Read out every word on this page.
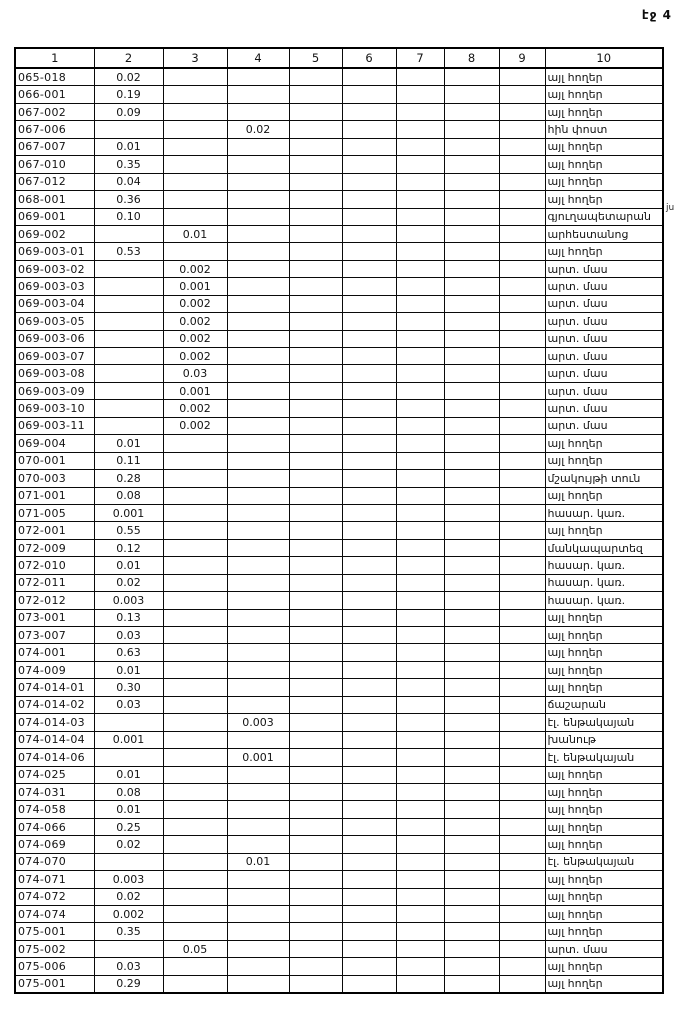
էջ 4
1	2	3	4	5	6	7	8	9	10
065-018	0.02								այլ հողեր
066-001	0.19								այլ հողեր
067-002	0.09								այլ հողեր
067-006			0.02						հին փոստ
067-007	0.01								այլ հողեր
067-010	0.35								այլ հողեր
067-012	0.04								այլ հողեր
068-001	0.36								այլ հողեր
069-001	0.10								գյուղապետարան
069-002		0.01							արհեստանոց
069-003-01	0.53								այլ հողեր
069-003-02		0.002							արտ. մաս
069-003-03		0.001							արտ. մաս
069-003-04		0.002							արտ. մաս
069-003-05		0.002							արտ. մաս
069-003-06		0.002							արտ. մաս
069-003-07		0.002							արտ. մաս
069-003-08		0.03							արտ. մաս
069-003-09		0.001							արտ. մաս
069-003-10		0.002							արտ. մաս
069-003-11		0.002							արտ. մաս
069-004	0.01								այլ հողեր
070-001	0.11								այլ հողեր
070-003	0.28								մշակույթի տուն
071-001	0.08								այլ հողեր
071-005	0.001								հասար. կառ.
072-001	0.55								այլ հողեր
072-009	0.12								մանկապարտեզ
072-010	0.01								հասար. կառ.
072-011	0.02								հասար. կառ.
072-012	0.003								հասար. կառ.
073-001	0.13								այլ հողեր
073-007	0.03								այլ հողեր
074-001	0.63								այլ հողեր
074-009	0.01								այլ հողեր
074-014-01	0.30								այլ հողեր
074-014-02	0.03								ճաշարան
074-014-03			0.003						էլ. ենթակայան
074-014-04	0.001								խանութ
074-014-06			0.001						էլ. ենթակայան
074-025	0.01								այլ հողեր
074-031	0.08								այլ հողեր
074-058	0.01								այլ հողեր
074-066	0.25								այլ հողեր
074-069	0.02								այլ հողեր
074-070			0.01						էլ. ենթակայան
074-071	0.003								այլ հողեր
074-072	0.02								այլ հողեր
074-074	0.002								այլ հողեր
075-001	0.35								այլ հողեր
075-002		0.05							արտ. մաս
075-006	0.03								այլ հողեր
075-001	0.29								այլ հողեր
ju
